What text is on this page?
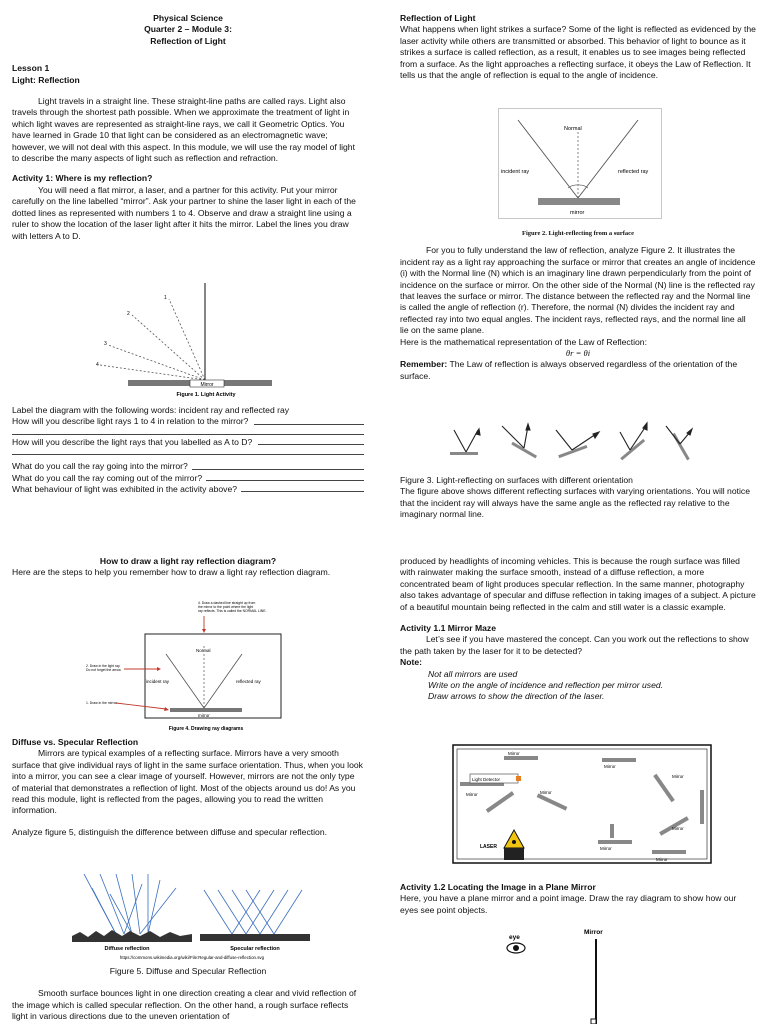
Physical Science
Quarter 2 – Module 3:
Reflection of Light
Lesson 1
Light: Reflection

Light travels in a straight line. These straight-line paths are called rays. Light also travels through the shortest path possible. When we approximate the treatment of light in which light waves are represented as straight-line rays, we call it Geometric Optics. You have learned in Grade 10 that light can be considered as an electromagnetic wave; however, we will not deal with this aspect. In this module, we will use the ray model of light to describe the many aspects of light such as reflection and refraction.

Activity 1: Where is my reflection?

You will need a flat mirror, a laser, and a partner for this activity. Put your mirror carefully on the line labelled “mirror”. Ask your partner to shine the laser light in each of the dotted lines as represented with numbers 1 to 4. Observe and draw a straight line using a ruler to show the location of the laser light after it hits the mirror. Label the lines you draw with letters A to D.

1
2
3
4
Mirror
Figure 1. Light Activity
Label the diagram with the following words: incident ray and reflected ray
How will you describe light rays 1 to 4 in relation to the mirror?
How will you describe the light rays that you labelled as A to D?
What do you call the ray going into the mirror?
What do you call the ray coming out of the mirror?
What behaviour of light was exhibited in the activity above?
How to draw a light ray reflection diagram?

Here are the steps to help you remember how to draw a light ray reflection diagram.

4. Draw a dashed line straight up from the mirror to the point where the light ray reflects. This is called the NORMAL LINE.
Normal
incident ray	reflected ray
mirror
2. Draw in the light ray. Do not forget the arrow.
1. Draw in the mirror.
Figure 4. Drawing ray diagrams
Diffuse vs. Specular Reflection

Mirrors are typical examples of a reflecting surface. Mirrors have a very smooth surface that give individual rays of light in the same surface orientation. Thus, when you look into a mirror, you can see a clear image of yourself. However, mirrors are not the only type of material that demonstrates a reflection of light. Most of the objects around us do! As you read this module, light is reflected from the pages, allowing you to read the written information.

Analyze figure 5, distinguish the difference between diffuse and specular reflection.

Diffuse reflection	Specular reflection
https://commons.wikimedia.org/wiki/File:Regular-and-diffuse-reflection.svg
Figure 5. Diffuse and Specular Reflection

Smooth surface bounces light in one direction creating a clear and vivid reflection of the image which is called specular reflection. On the other hand, a rough surface reflects light in various directions due to the uneven orientation of

Reflection of Light

What happens when light strikes a surface? Some of the light is reflected as evidenced by the laser activity while others are transmitted or absorbed. This behavior of light to bounce as it strikes a surface is called reflection, as a result, it enables us to see images being reflected from a surface. As the light approaches a reflecting surface, it obeys the Law of Reflection. It tells us that the angle of reflection is equal to the angle of incidence.

Normal
incident ray	reflected ray
mirror
Figure 2. Light-reflecting from a surface

For you to fully understand the law of reflection, analyze Figure 2. It illustrates the incident ray as a light ray approaching the surface or mirror that creates an angle of incidence (i) with the Normal line (N) which is an imaginary line drawn perpendicularly from the point of incidence on the surface or mirror. On the other side of the Normal (N) line is the reflected ray that leaves the surface or mirror. The distance between the reflected ray and the Normal line is called the angle of reflection (r). Therefore, the normal (N) divides the incident ray and reflected ray into two equal angles. The incident rays, reflected rays, and the normal line all lie on the same plane.

Here is the mathematical representation of the Law of Reflection:

θr = θi

Remember: The Law of reflection is always observed regardless of the orientation of the surface.

Figure 3. Light-reflecting on surfaces with different orientation

The figure above shows different reflecting surfaces with varying orientations. You will notice that the incident ray will always have the same angle as the reflected ray relative to the imaginary normal line.

produced by headlights of incoming vehicles. This is because the rough surface was filled with rainwater making the surface smooth, instead of a diffuse reflection, a more concentrated beam of light produces specular reflection. In the same manner, photography also takes advantage of specular and diffuse reflection in taking images of a subject. A picture of a beautiful mountain being reflected in the calm and still water is a classic example.

Activity 1.1 Mirror Maze

Let’s see if you have mastered the concept. Can you work out the reflections to show the path taken by the laser for it to be detected?

Note:
Not all mirrors are used
Write on the angle of incidence and reflection per mirror used.
Draw arrows to show the direction of the laser.
Mirror
Mirror
Mirror
Mirror	Mirror
Mirror
Mirror
Mirror
Light Detector
LASER
Activity 1.2 Locating the Image in a Plane Mirror

Here, you have a plane mirror and a point image. Draw the ray diagram to show how our eyes see point objects.

eye
Mirror
